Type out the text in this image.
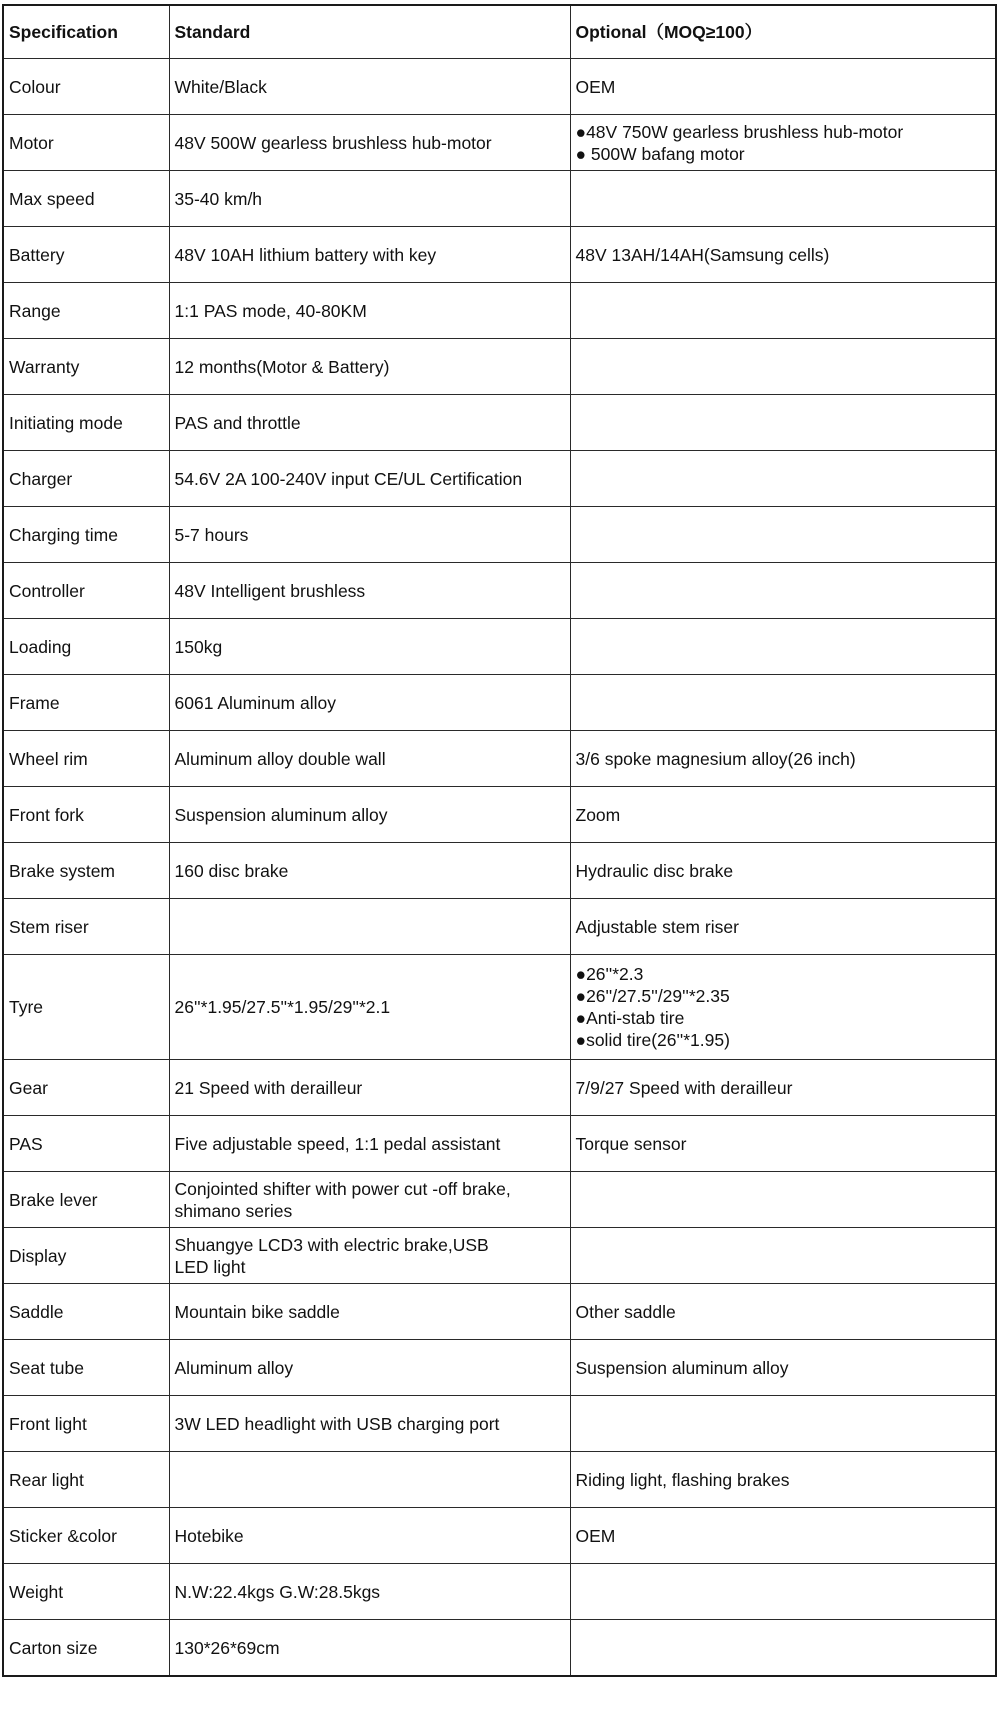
Specification	Standard	Optional（MOQ≥100）
Colour	White/Black	OEM

Motor	48V 500W gearless brushless hub-motor	●48V 750W gearless brushless hub-motor
● 500W bafang motor

Max speed	35-40 km/h	

Battery	48V 10AH lithium battery with key	48V 13AH/14AH(Samsung cells)

Range	1:1 PAS mode, 40-80KM	

Warranty	12 months(Motor & Battery)	

Initiating mode	PAS and throttle	

Charger	54.6V 2A 100-240V input CE/UL Certification	

Charging time	5-7 hours	

Controller	48V Intelligent brushless	

Loading	150kg	

Frame	6061 Aluminum alloy	

Wheel rim	Aluminum alloy double wall	3/6 spoke magnesium alloy(26 inch)

Front fork	Suspension aluminum alloy	Zoom

Brake system	160 disc brake	Hydraulic disc brake

Stem riser		Adjustable stem riser

Tyre	26''*1.95/27.5''*1.95/29''*2.1	●26''*2.3
●26''/27.5''/29''*2.35
●Anti-stab tire
●solid tire(26''*1.95)

Gear	21 Speed with derailleur	7/9/27 Speed with derailleur

PAS	Five adjustable speed, 1:1 pedal assistant	Torque sensor

Brake lever	Conjointed shifter with power cut -off brake,
shimano series	

Display	Shuangye LCD3 with electric brake,USB
LED light	

Saddle	Mountain bike saddle	Other saddle

Seat tube	Aluminum alloy	Suspension aluminum alloy

Front light	3W LED headlight with USB charging port	

Rear light		Riding light, flashing brakes

Sticker &color	Hotebike	OEM

Weight	N.W:22.4kgs G.W:28.5kgs	

Carton size	130*26*69cm	
